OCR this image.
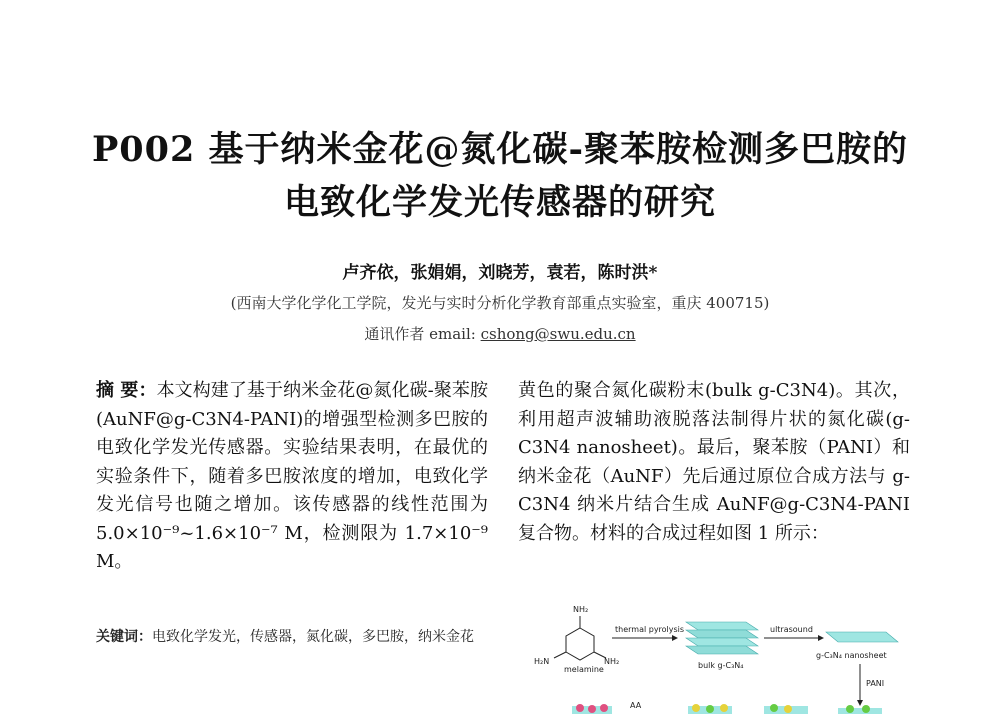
P002 基于纳米金花@氮化碳-聚苯胺检测多巴胺的
电致化学发光传感器的研究
卢齐依，张娟娟，刘晓芳，袁若，陈时洪*
(西南大学化学化工学院，发光与实时分析化学教育部重点实验室，重庆 400715)
通讯作者 email: cshong@swu.edu.cn
摘 要：本文构建了基于纳米金花@氮化碳-聚苯胺(AuNF@g-C3N4-PANI)的增强型检测多巴胺的电致化学发光传感器。实验结果表明，在最优的实验条件下，随着多巴胺浓度的增加，电致化学发光信号也随之增加。该传感器的线性范围为 5.0×10⁻⁹~1.6×10⁻⁷ M，检测限为 1.7×10⁻⁹ M。
关键词：电致化学发光，传感器，氮化碳，多巴胺，纳米金花
黄色的聚合氮化碳粉末(bulk g-C3N4)。其次，利用超声波辅助液脱落法制得片状的氮化碳(g-C3N4 nanosheet)。最后，聚苯胺（PANI）和纳米金花（AuNF）先后通过原位合成方法与 g-C3N4 纳米片结合生成 AuNF@g-C3N4-PANI 复合物。材料的合成过程如图 1 所示：
NH₂
H₂N	NH₂
melamine
thermal pyrolysis
bulk g-C₃N₄
ultrasound
g-C₃N₄ nanosheet
PANI
AA
